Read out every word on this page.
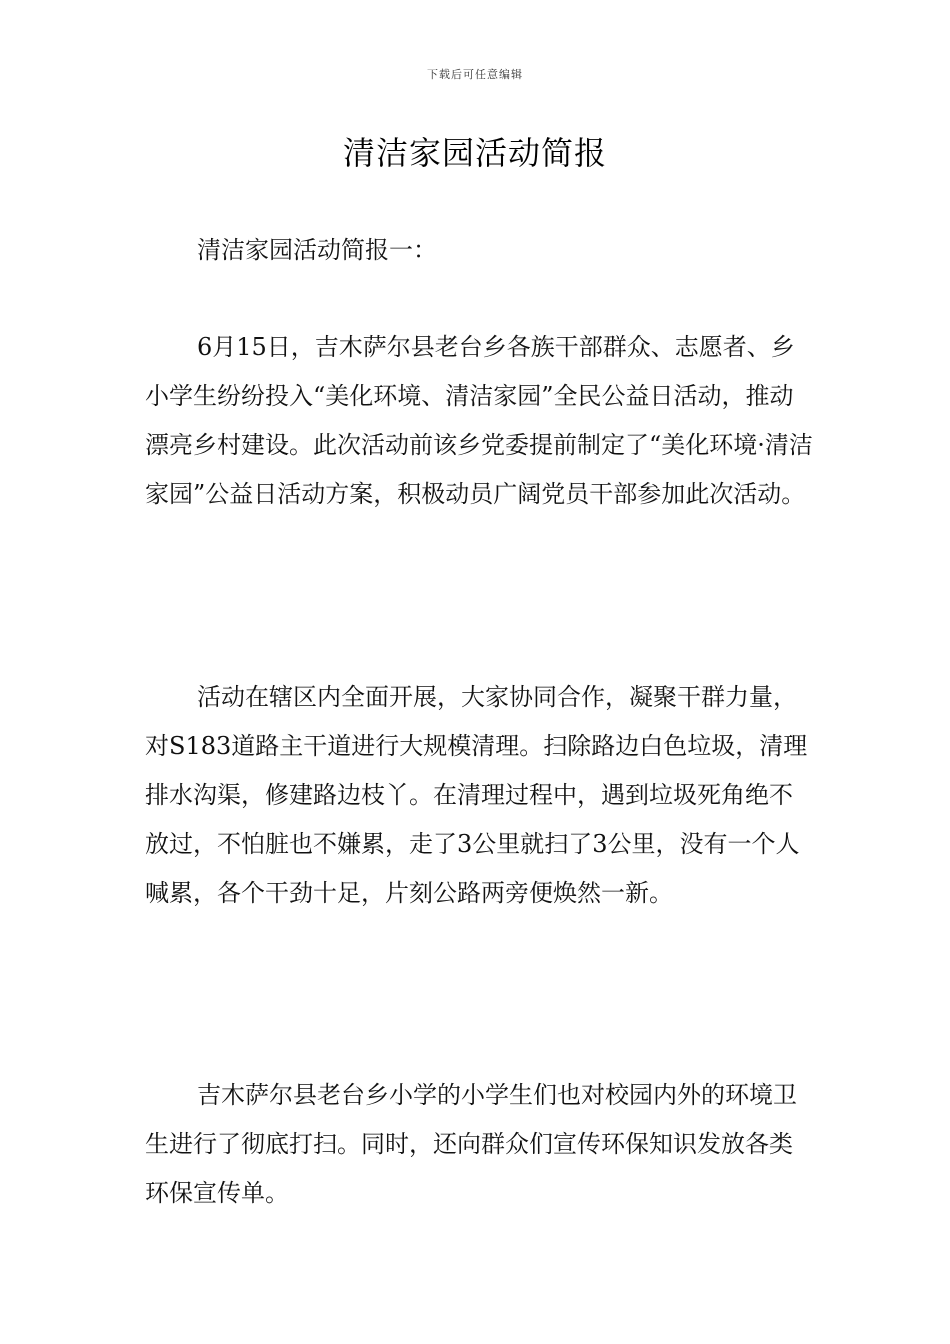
下载后可任意编辑
清洁家园活动简报

清洁家园活动简报一：

6月15日，吉木萨尔县老台乡各族干部群众、志愿者、乡小学生纷纷投入“美化环境、清洁家园”全民公益日活动，推动漂亮乡村建设。此次活动前该乡党委提前制定了“美化环境·清洁家园”公益日活动方案，积极动员广阔党员干部参加此次活动。

活动在辖区内全面开展，大家协同合作，凝聚干群力量，对S183道路主干道进行大规模清理。扫除路边白色垃圾，清理排水沟渠，修建路边枝丫。在清理过程中，遇到垃圾死角绝不放过，不怕脏也不嫌累，走了3公里就扫了3公里，没有一个人喊累，各个干劲十足，片刻公路两旁便焕然一新。

吉木萨尔县老台乡小学的小学生们也对校园内外的环境卫生进行了彻底打扫。同时，还向群众们宣传环保知识发放各类环保宣传单。
